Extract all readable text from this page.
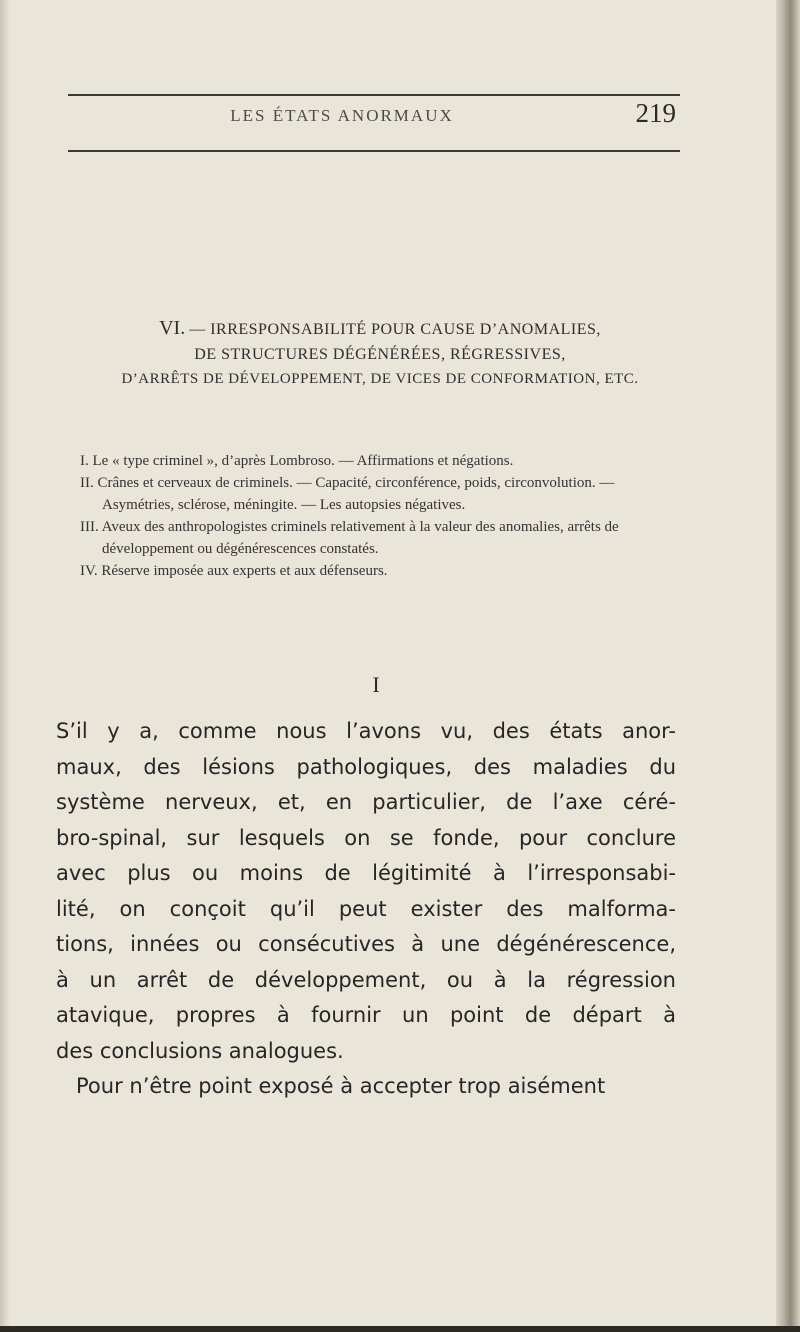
LES ÉTATS ANORMAUX	219
VI. — IRRESPONSABILITÉ POUR CAUSE D’ANOMALIES,
DE STRUCTURES DÉGÉNÉRÉES, RÉGRESSIVES,
D’ARRÊTS DE DÉVELOPPEMENT, DE VICES DE CONFORMATION, ETC.
I. Le « type criminel », d’après Lombroso. — Affirmations et négations.
II. Crânes et cerveaux de criminels. — Capacité, circonférence, poids, circonvolution. — Asymétries, sclérose, méningite. — Les autopsies négatives.
III. Aveux des anthropologistes criminels relativement à la valeur des anomalies, arrêts de développement ou dégénérescences constatés.
IV. Réserve imposée aux experts et aux défenseurs.
I
S’il y a, comme nous l’avons vu, des états anor-
maux, des lésions pathologiques, des maladies du
système nerveux, et, en particulier, de l’axe céré-
bro-spinal, sur lesquels on se fonde, pour conclure
avec plus ou moins de légitimité à l’irresponsabi-
lité, on conçoit qu’il peut exister des malforma-
tions, innées ou consécutives à une dégénérescence,
à un arrêt de développement, ou à la régression
atavique, propres à fournir un point de départ à
des conclusions analogues.
Pour n’être point exposé à accepter trop aisément
